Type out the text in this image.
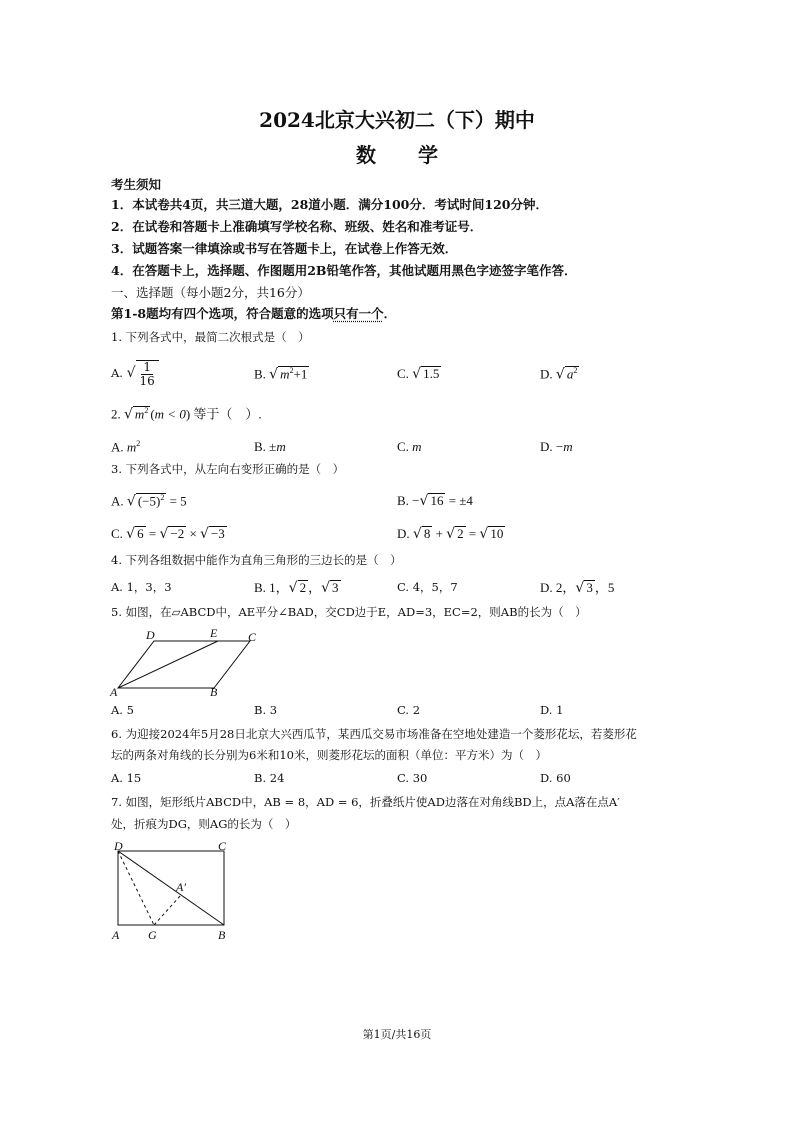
2024北京大兴初二（下）期中
数学
考生须知
1．本试卷共4页，共三道大题，28道小题．满分100分．考试时间120分钟．
2．在试卷和答题卡上准确填写学校名称、班级、姓名和准考证号．
3．试题答案一律填涂或书写在答题卡上，在试卷上作答无效．
4．在答题卡上，选择题、作图题用2B铅笔作答，其他试题用黑色字迹签字笔作答．
一、选择题（每小题2分，共16分）
第1-8题均有四个选项，符合题意的选项只有一个．
1. 下列各式中，最简二次根式是（　）
A. √ $\frac{1}{16}$	B. √ $m^2+1$	C. √ 1.5	D. √ $a^2$
2. √ $m^2$ (m < 0) 等于（　）.
A. $m^2$	B. ±m	C. m	D. −m
3. 下列各式中，从左向右变形正确的是（　）
A. √ $(-5)^2 = 5$	B. −√ 16 = ±4
C. √ 6 = √ −2 × √ −3	D. √ 8 + √ 2 = √ 10
4. 下列各组数据中能作为直角三角形的三边长的是（　）
A. 1，3，3	B. 1，√ 2 ，√ 3	C. 4，5，7	D. 2，√ 3 ，5
5. 如图，在▱ABCD中，AE平分∠BAD，交CD边于E，AD=3，EC=2，则AB的长为（　）
D	E	C
A	B
A. 5	B. 3	C. 2	D. 1
6. 为迎接2024年5月28日北京大兴西瓜节，某西瓜交易市场准备在空地处建造一个菱形花坛，若菱形花
坛的两条对角线的长分别为6米和10米，则菱形花坛的面积（单位：平方米）为（　）
A. 15	B. 24	C. 30	D. 60
7. 如图，矩形纸片ABCD中，AB = 8，AD = 6，折叠纸片使AD边落在对角线BD上，点A落在点A′
处，折痕为DG，则AG的长为（　）
D	C
A′
A G	B
第1页/共16页
